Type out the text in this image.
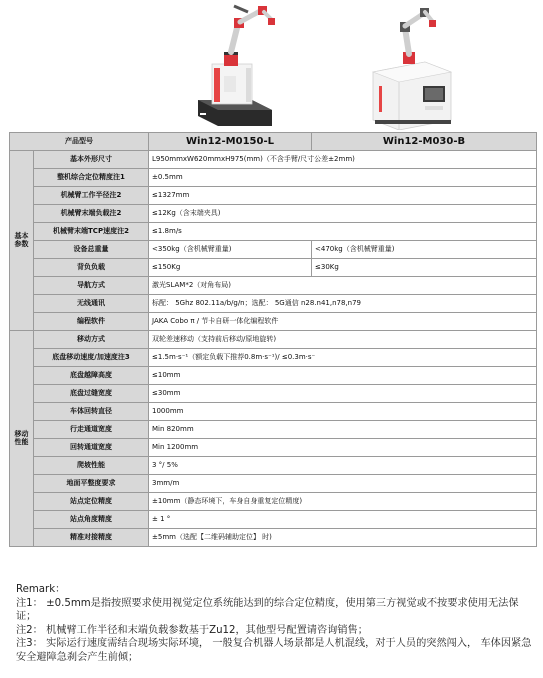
产品型号		Win12-M0150-L	Win12-M030-B
基本参数	基本外形尺寸	L950mmxW620mmxH975(mm)（不含手臂/尺寸公差±2mm)	
	整机综合定位精度注1	±0.5mm	
	机械臂工作半径注2	≤1327mm	
	机械臂末端负载注2	≤12Kg（含末端夹具)	
	机械臂末端TCP速度注2	≤1.8m/s	
	设备总重量	<350kg（含机械臂重量)	<470kg（含机械臂重量)
	背负负载	≤150Kg	≤30Kg
	导航方式	激光SLAM*2（对角布局)	
	无线通讯	标配： 5Ghz 802.11a/b/g/n；选配： 5G通信 n28.n41,n78,n79	
	编程软件	JAKA Cobo π / 节卡自研一体化编程软件	
移动性能	移动方式	双轮差速移动（支持前后移动/原地旋转)	
	底盘移动速度/加速度注3	≤1.5m·s⁻¹（额定负载下推荐0.8m·s⁻¹)/ ≤0.3m·s⁻	
	底盘越障高度	≤10mm	
	底盘过缝宽度	≤30mm	
	车体回转直径	1000mm	
	行走通道宽度	Min 820mm	
	回转通道宽度	Min 1200mm	
	爬坡性能	3 °/ 5%	
	地面平整度要求	3mm/m	
	站点定位精度	±10mm（静态环境下，车身自身重复定位精度)	
	站点角度精度	± 1 °	
	精准对接精度	±5mm（选配【二维码辅助定位】 时)	
Remark：
注1： ±0.5mm是指按照要求使用视觉定位系统能达到的综合定位精度，使用第三方视觉或不按要求使用无法保证；
注2： 机械臂工作半径和末端负载参数基于Zu12，其他型号配置请咨询销售；
注3： 实际运行速度需结合现场实际环境， 一般复合机器人场景都是人机混线，对于人员的突然闯入， 车体因紧急安全避障急刹会产生前倾；
